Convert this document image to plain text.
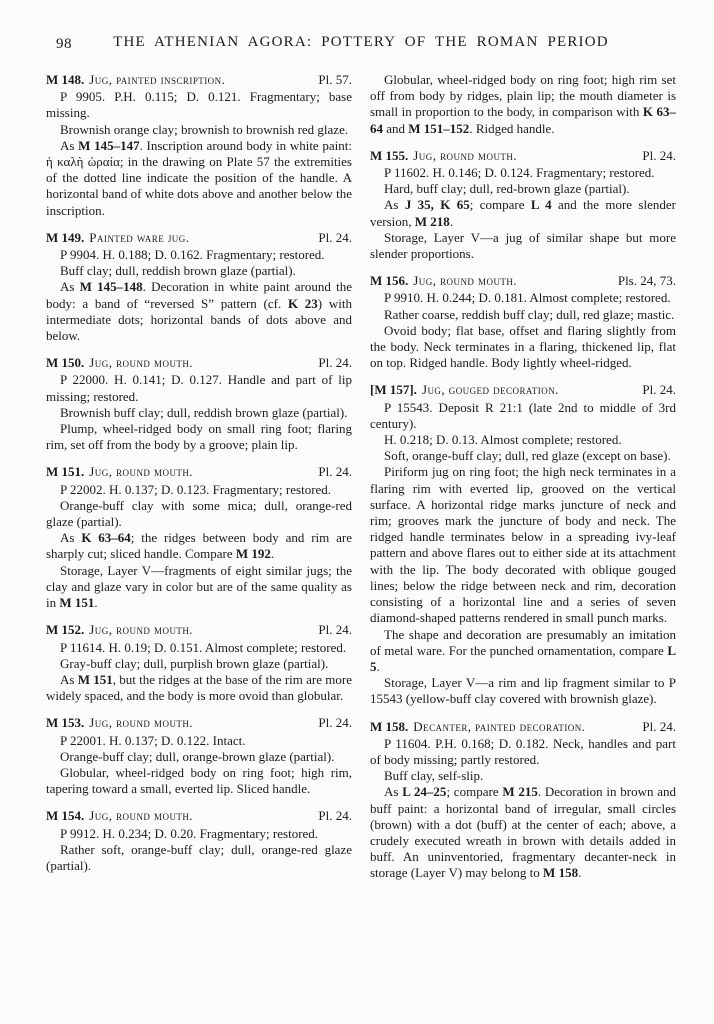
98	THE ATHENIAN AGORA: POTTERY OF THE ROMAN PERIOD
M 148. Jug, painted inscription.	Pl. 57.

P 9905. P.H. 0.115; D. 0.121. Fragmentary; base missing.

Brownish orange clay; brownish to brownish red glaze.

As M 145–147. Inscription around body in white paint: ἡ καλὴ ὡραία; in the drawing on Plate 57 the extremities of the dotted line indicate the position of the handle. A horizontal band of white dots above and another below the inscription.

M 149. Painted ware jug.	Pl. 24.

P 9904. H. 0.188; D. 0.162. Fragmentary; restored.

Buff clay; dull, reddish brown glaze (partial).

As M 145–148. Decoration in white paint around the body: a band of “reversed S” pattern (cf. K 23) with intermediate dots; horizontal bands of dots above and below.

M 150. Jug, round mouth.	Pl. 24.

P 22000. H. 0.141; D. 0.127. Handle and part of lip missing; restored.

Brownish buff clay; dull, reddish brown glaze (partial).

Plump, wheel-ridged body on small ring foot; flaring rim, set off from the body by a groove; plain lip.

M 151. Jug, round mouth.	Pl. 24.

P 22002. H. 0.137; D. 0.123. Fragmentary; restored.

Orange-buff clay with some mica; dull, orange-red glaze (partial).

As K 63–64; the ridges between body and rim are sharply cut; sliced handle. Compare M 192.

Storage, Layer V—fragments of eight similar jugs; the clay and glaze vary in color but are of the same quality as in M 151.

M 152. Jug, round mouth.	Pl. 24.

P 11614. H. 0.19; D. 0.151. Almost complete; restored.

Gray-buff clay; dull, purplish brown glaze (partial).

As M 151, but the ridges at the base of the rim are more widely spaced, and the body is more ovoid than globular.

M 153. Jug, round mouth.	Pl. 24.

P 22001. H. 0.137; D. 0.122. Intact.

Orange-buff clay; dull, orange-brown glaze (partial).

Globular, wheel-ridged body on ring foot; high rim, tapering toward a small, everted lip. Sliced handle.

M 154. Jug, round mouth.	Pl. 24.

P 9912. H. 0.234; D. 0.20. Fragmentary; restored.

Rather soft, orange-buff clay; dull, orange-red glaze (partial).

Globular, wheel-ridged body on ring foot; high rim set off from body by ridges, plain lip; the mouth diameter is small in proportion to the body, in comparison with K 63–64 and M 151–152. Ridged handle.

M 155. Jug, round mouth.	Pl. 24.

P 11602. H. 0.146; D. 0.124. Fragmentary; restored.

Hard, buff clay; dull, red-brown glaze (partial).

As J 35, K 65; compare L 4 and the more slender version, M 218.

Storage, Layer V—a jug of similar shape but more slender proportions.

M 156. Jug, round mouth.	Pls. 24, 73.

P 9910. H. 0.244; D. 0.181. Almost complete; restored.

Rather coarse, reddish buff clay; dull, red glaze; mastic.

Ovoid body; flat base, offset and flaring slightly from the body. Neck terminates in a flaring, thickened lip, flat on top. Ridged handle. Body lightly wheel-ridged.

[M 157]. Jug, gouged decoration.	Pl. 24.

P 15543. Deposit R 21:1 (late 2nd to middle of 3rd century).

H. 0.218; D. 0.13. Almost complete; restored.

Soft, orange-buff clay; dull, red glaze (except on base).

Piriform jug on ring foot; the high neck terminates in a flaring rim with everted lip, grooved on the vertical surface. A horizontal ridge marks juncture of neck and rim; grooves mark the juncture of body and neck. The ridged handle terminates below in a spreading ivy-leaf pattern and above flares out to either side at its attachment with the lip. The body decorated with oblique gouged lines; below the ridge between neck and rim, decoration consisting of a horizontal line and a series of seven diamond-shaped patterns rendered in small punch marks.

The shape and decoration are presumably an imitation of metal ware. For the punched ornamentation, compare L 5.

Storage, Layer V—a rim and lip fragment similar to P 15543 (yellow-buff clay covered with brownish glaze).

M 158. Decanter, painted decoration.	Pl. 24.

P 11604. P.H. 0.168; D. 0.182. Neck, handles and part of body missing; partly restored.

Buff clay, self-slip.

As L 24–25; compare M 215. Decoration in brown and buff paint: a horizontal band of irregular, small circles (brown) with a dot (buff) at the center of each; above, a crudely executed wreath in brown with details added in buff. An uninventoried, fragmentary decanter-neck in storage (Layer V) may belong to M 158.
